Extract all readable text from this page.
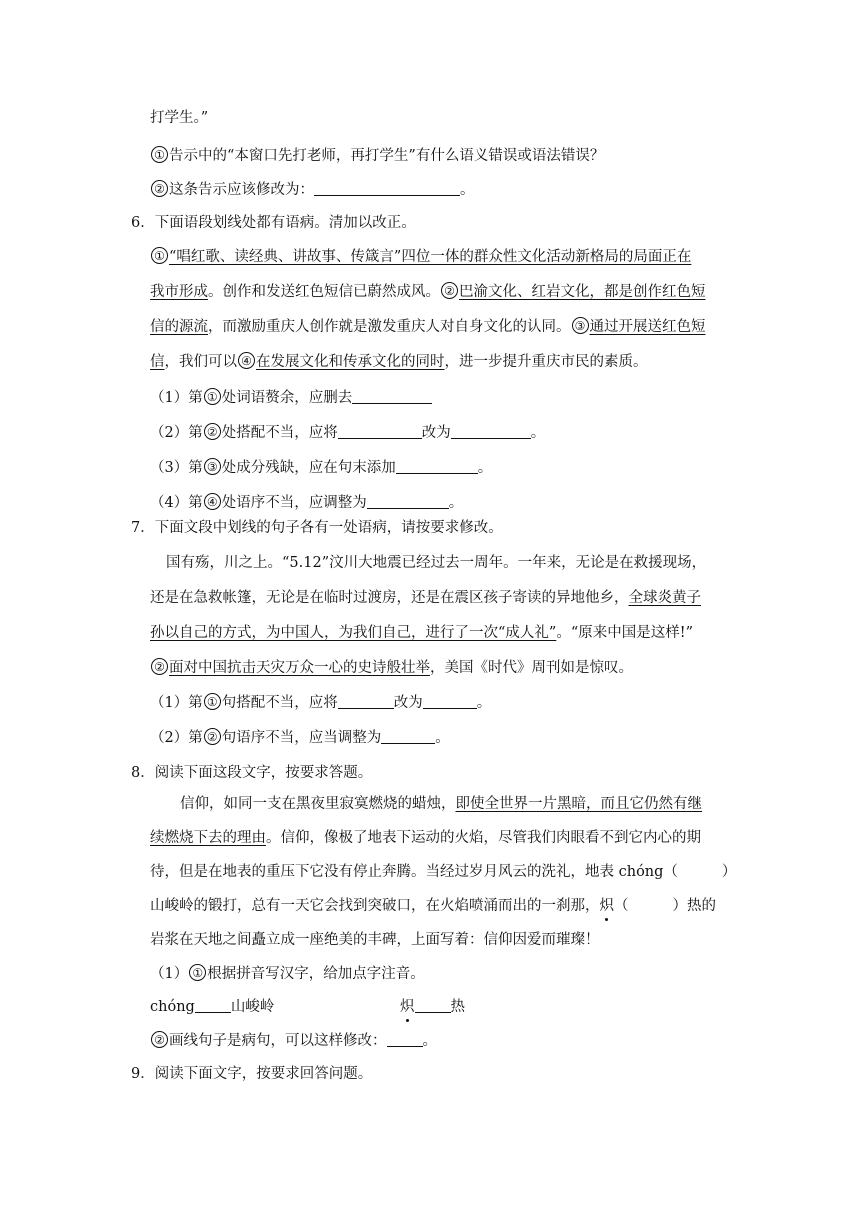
打学生。”
① 告示中的“本窗口先打老师，再打学生”有什么语义错误或语法错误？
② 这条告示应该修改为：	。
6．下面语段划线处都有语病。清加以改正。
① “唱红歌、读经典、讲故事、传箴言”四位一体的群众性文化活动新格局的局面正在
我市形成。创作和发送红色短信已蔚然成风。 ② 巴渝文化、红岩文化，都是创作红色短
信的源流，而激励重庆人创作就是激发重庆人对自身文化的认同。 ③ 通过开展送红色短
信，我们可以 ④ 在发展文化和传承文化的同时，进一步提升重庆市民的素质。
（1）第 ① 处词语赘余，应删去
（2）第 ② 处搭配不当，应将	改为	。
（3）第 ③ 处成分残缺，应在句末添加	。
（4）第 ④ 处语序不当，应调整为	。
7．下面文段中划线的句子各有一处语病，请按要求修改。
国有殇，川之上。“5.12”汶川大地震已经过去一周年。一年来，无论是在救援现场，
还是在急救帐篷，无论是在临时过渡房，还是在震区孩子寄读的异地他乡，全球炎黄子
孙以自己的方式，为中国人，为我们自己，进行了一次“成人礼”。“原来中国是这样!”
② 面对中国抗击天灾万众一心的史诗般壮举，美国《时代》周刊如是惊叹。
（1）第 ① 句搭配不当，应将	改为	。
（2）第 ② 句语序不当，应当调整为	。
8．阅读下面这段文字，按要求答题。
信仰，如同一支在黑夜里寂寞燃烧的蜡烛，即使全世界一片黑暗，而且它仍然有继
续燃烧下去的理由。信仰，像极了地表下运动的火焰，尽管我们肉眼看不到它内心的期
待，但是在地表的重压下它没有停止奔腾。当经过岁月风云的洗礼，地表 chóng（	）
山峻岭的锻打，总有一天它会找到突破口，在火焰喷涌而出的一刹那，炽（	）热的
岩浆在天地之间矗立成一座绝美的丰碑，上面写着：信仰因爱而璀璨！
（1） ① 根据拼音写汉字，给加点字注音。
chóng 山峻岭	炽 热
② 画线句子是病句，可以这样修改： 。
9．阅读下面文字，按要求回答问题。
